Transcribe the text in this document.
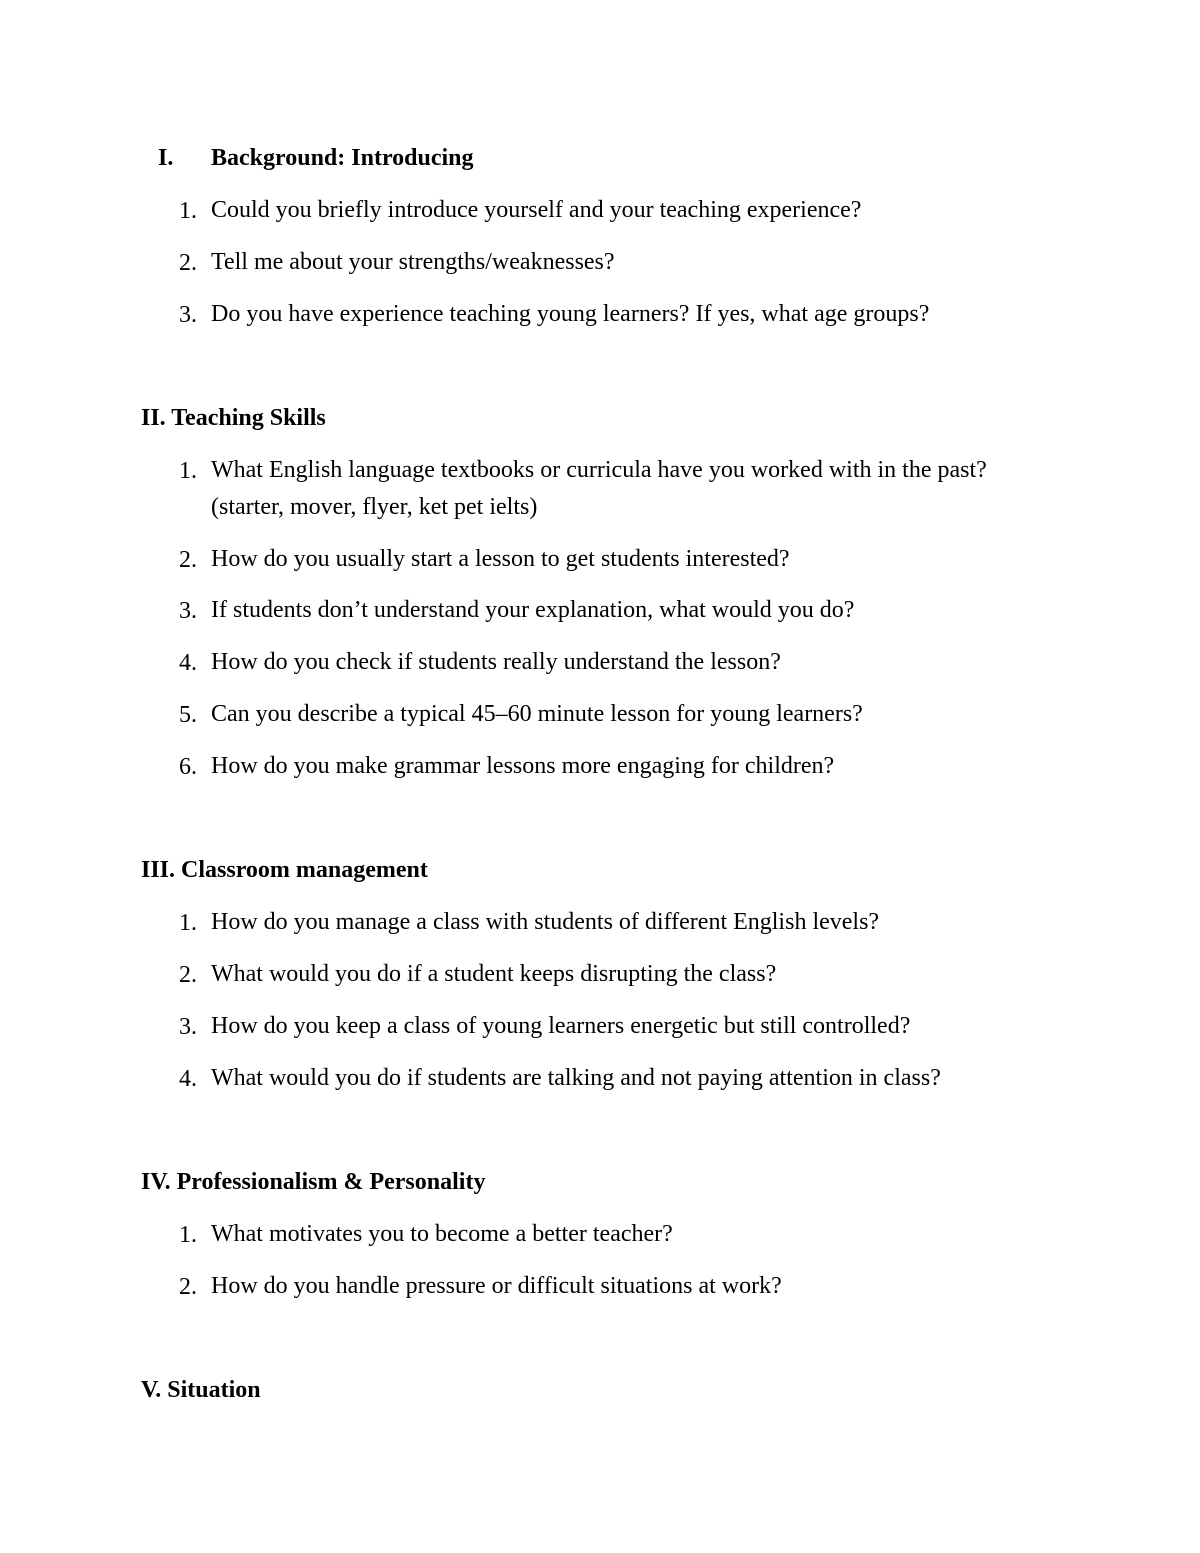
I. Background: Introducing
1. Could you briefly introduce yourself and your teaching experience?
2. Tell me about your strengths/weaknesses?
3. Do you have experience teaching young learners? If yes, what age groups?
II. Teaching Skills
1. What English language textbooks or curricula have you worked with in the past? (starter, mover, flyer, ket pet ielts)
2. How do you usually start a lesson to get students interested?
3. If students don’t understand your explanation, what would you do?
4. How do you check if students really understand the lesson?
5. Can you describe a typical 45–60 minute lesson for young learners?
6. How do you make grammar lessons more engaging for children?
III. Classroom management
1. How do you manage a class with students of different English levels?
2. What would you do if a student keeps disrupting the class?
3. How do you keep a class of young learners energetic but still controlled?
4. What would you do if students are talking and not paying attention in class?
IV. Professionalism & Personality
1. What motivates you to become a better teacher?
2. How do you handle pressure or difficult situations at work?
V. Situation
